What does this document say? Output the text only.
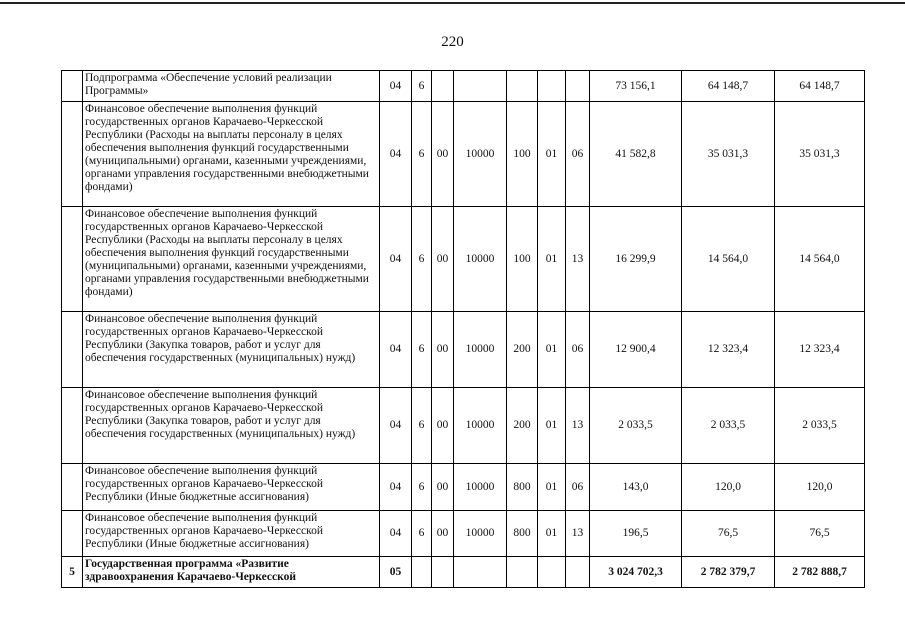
220
	Подпрограмма «Обеспечение условий реализации Программы»	04	6						73 156,1	64 148,7	64 148,7
	Финансовое обеспечение выполнения функций государственных органов Карачаево-Черкесской Республики (Расходы на выплаты персоналу в целях обеспечения выполнения функций государственными (муниципальными) органами, казенными учреждениями, органами управления государственными внебюджетными фондами)	04	6	00	10000	100	01	06	41 582,8	35 031,3	35 031,3
	Финансовое обеспечение выполнения функций государственных органов Карачаево-Черкесской Республики (Расходы на выплаты персоналу в целях обеспечения выполнения функций государственными (муниципальными) органами, казенными учреждениями, органами управления государственными внебюджетными фондами)	04	6	00	10000	100	01	13	16 299,9	14 564,0	14 564,0
	Финансовое обеспечение выполнения функций государственных органов Карачаево-Черкесской Республики (Закупка товаров, работ и услуг для обеспечения государственных (муниципальных) нужд)	04	6	00	10000	200	01	06	12 900,4	12 323,4	12 323,4
	Финансовое обеспечение выполнения функций государственных органов Карачаево-Черкесской Республики (Закупка товаров, работ и услуг для обеспечения государственных (муниципальных) нужд)	04	6	00	10000	200	01	13	2 033,5	2 033,5	2 033,5
	Финансовое обеспечение выполнения функций государственных органов Карачаево-Черкесской Республики (Иные бюджетные ассигнования)	04	6	00	10000	800	01	06	143,0	120,0	120,0
	Финансовое обеспечение выполнения функций государственных органов Карачаево-Черкесской Республики (Иные бюджетные ассигнования)	04	6	00	10000	800	01	13	196,5	76,5	76,5
5	Государственная программа «Развитие здравоохранения Карачаево-Черкесской	05							3 024 702,3	2 782 379,7	2 782 888,7
